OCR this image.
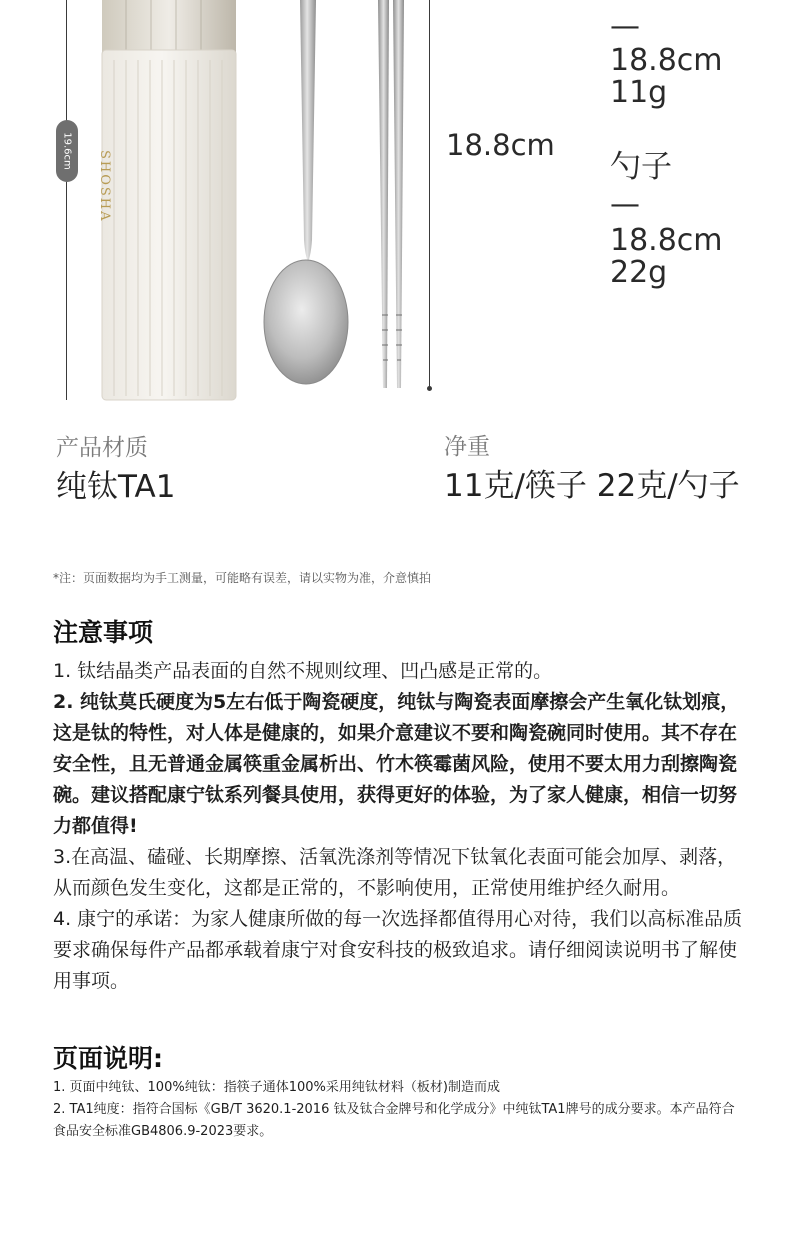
19.6cm SHOSHA
18.8cm
—
18.8cm
11g
勺子
—
18.8cm
22g
产品材质
纯钛TA1
净重
11克/筷子 22克/勺子
*注：页面数据均为手工测量，可能略有误差，请以实物为准，介意慎拍
注意事项

1. 钛结晶类产品表面的自然不规则纹理、凹凸感是正常的。

2. 纯钛莫氏硬度为5左右低于陶瓷硬度，纯钛与陶瓷表面摩擦会产生氧化钛划痕，这是钛的特性，对人体是健康的，如果介意建议不要和陶瓷碗同时使用。其不存在安全性，且无普通金属筷重金属析出、竹木筷霉菌风险，使用不要太用力刮擦陶瓷碗。建议搭配康宁钛系列餐具使用，获得更好的体验，为了家人健康，相信一切努力都值得!

3.在高温、磕碰、长期摩擦、活氧洗涤剂等情况下钛氧化表面可能会加厚、剥落，从而颜色发生变化，这都是正常的，不影响使用，正常使用维护经久耐用。

4. 康宁的承诺：为家人健康所做的每一次选择都值得用心对待，我们以高标准品质要求确保每件产品都承载着康宁对食安科技的极致追求。请仔细阅读说明书了解使用事项。

页面说明:

1. 页面中纯钛、100%纯钛：指筷子通体100%采用纯钛材料（板材)制造而成

2. TA1纯度：指符合国标《GB/T 3620.1-2016 钛及钛合金牌号和化学成分》中纯钛TA1牌号的成分要求。本产品符合食品安全标准GB4806.9-2023要求。
